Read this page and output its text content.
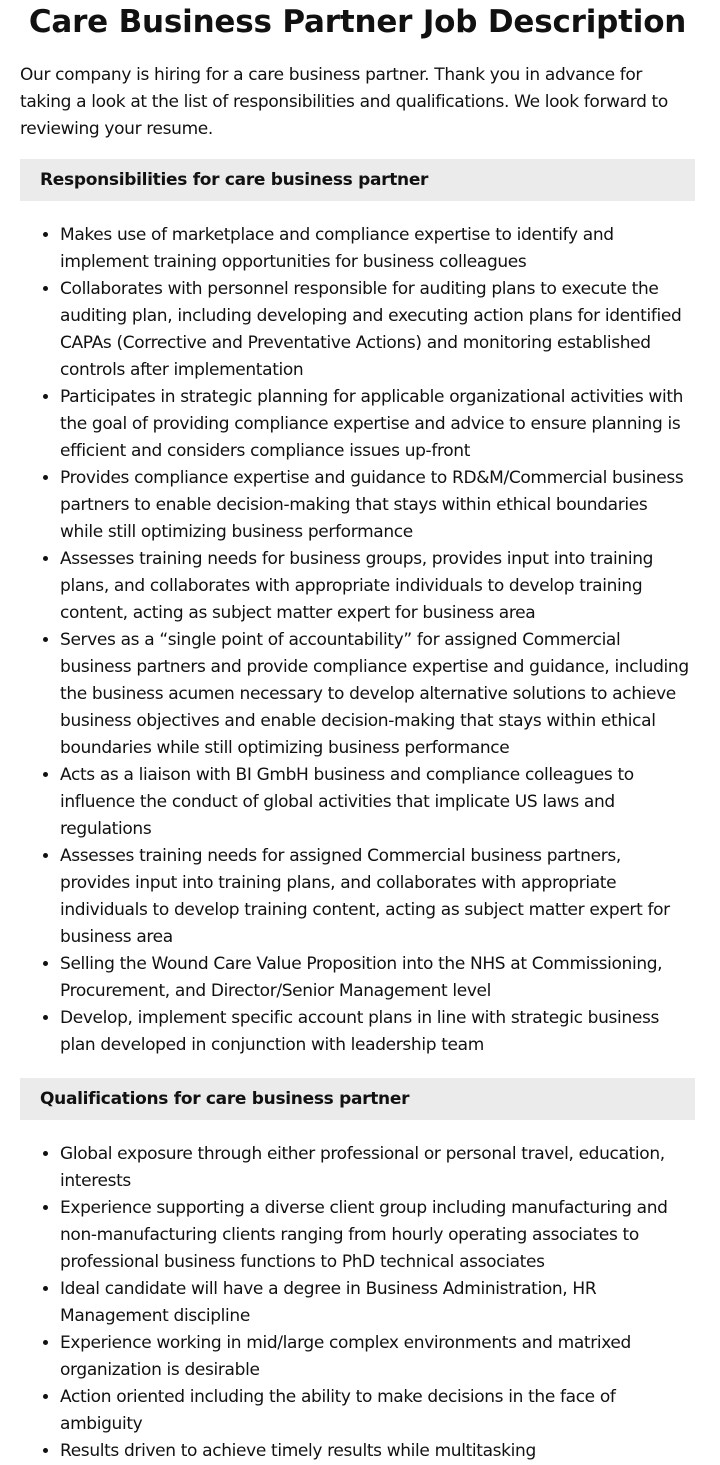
Care Business Partner Job Description

Our company is hiring for a care business partner. Thank you in advance for taking a look at the list of responsibilities and qualifications. We look forward to reviewing your resume.

Responsibilities for care business partner
• Makes use of marketplace and compliance expertise to identify and implement training opportunities for business colleagues
• Collaborates with personnel responsible for auditing plans to execute the auditing plan, including developing and executing action plans for identified CAPAs (Corrective and Preventative Actions) and monitoring established controls after implementation
• Participates in strategic planning for applicable organizational activities with the goal of providing compliance expertise and advice to ensure planning is efficient and considers compliance issues up-front
• Provides compliance expertise and guidance to RD&M/Commercial business partners to enable decision-making that stays within ethical boundaries while still optimizing business performance
• Assesses training needs for business groups, provides input into training plans, and collaborates with appropriate individuals to develop training content, acting as subject matter expert for business area
• Serves as a “single point of accountability” for assigned Commercial business partners and provide compliance expertise and guidance, including the business acumen necessary to develop alternative solutions to achieve business objectives and enable decision-making that stays within ethical boundaries while still optimizing business performance
• Acts as a liaison with BI GmbH business and compliance colleagues to influence the conduct of global activities that implicate US laws and regulations
• Assesses training needs for assigned Commercial business partners, provides input into training plans, and collaborates with appropriate individuals to develop training content, acting as subject matter expert for business area
• Selling the Wound Care Value Proposition into the NHS at Commissioning, Procurement, and Director/Senior Management level
• Develop, implement specific account plans in line with strategic business plan developed in conjunction with leadership team
Qualifications for care business partner
• Global exposure through either professional or personal travel, education, interests
• Experience supporting a diverse client group including manufacturing and non-manufacturing clients ranging from hourly operating associates to professional business functions to PhD technical associates
• Ideal candidate will have a degree in Business Administration, HR Management discipline
• Experience working in mid/large complex environments and matrixed organization is desirable
• Action oriented including the ability to make decisions in the face of ambiguity
• Results driven to achieve timely results while multitasking
